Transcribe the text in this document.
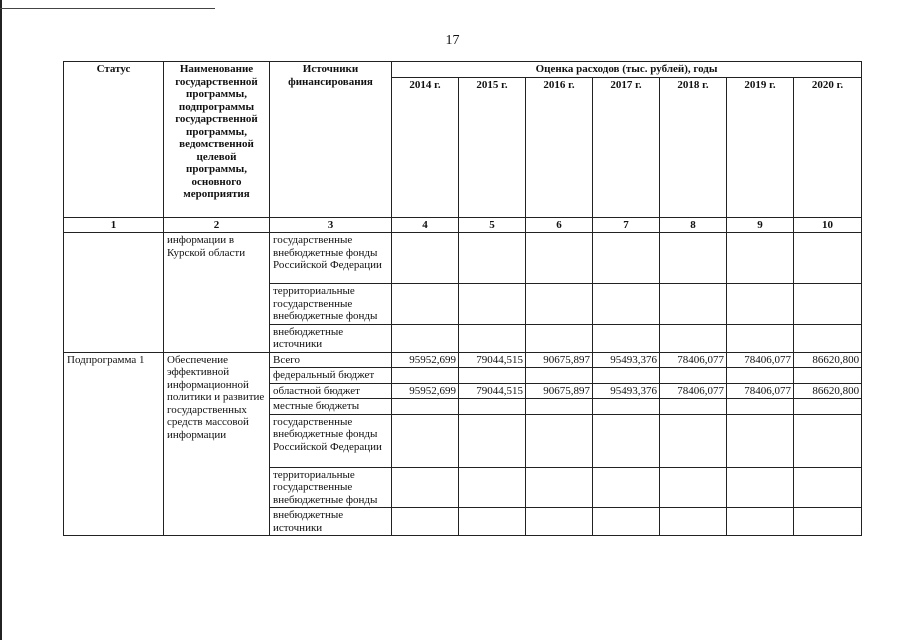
17
Статус	Наименование государственной программы, подпрограммы государственной программы, ведомственной целевой программы, основного мероприятия	Источники финансирования	Оценка расходов (тыс. рублей), годы						
			2014 г.	2015 г.	2016 г.	2017 г.	2018 г.	2019 г.	2020 г.
1	2	3	4	5	6	7	8	9	10
	информации в Курской области	государственные внебюджетные фонды Российской Федерации							
		территориальные государственные внебюджетные фонды							
		внебюджетные источники							
Подпрограмма 1	Обеспечение эффективной информационной политики и развитие государственных средств массовой информации	Всего	95952,699	79044,515	90675,897	95493,376	78406,077	78406,077	86620,800
		федеральный бюджет							
		областной бюджет	95952,699	79044,515	90675,897	95493,376	78406,077	78406,077	86620,800
		местные бюджеты							
		государственные внебюджетные фонды Российской Федерации							
		территориальные государственные внебюджетные фонды							
		внебюджетные источники							
